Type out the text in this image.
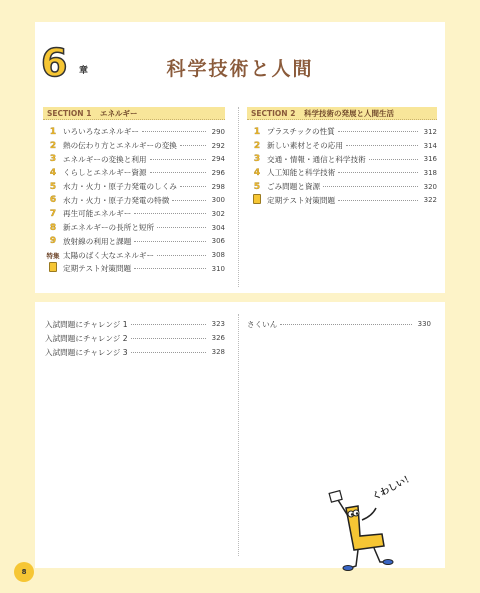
6 章	科学技術と人間
SECTION 1 エネルギー
1 いろいろなエネルギー	290
2 熱の伝わり方とエネルギーの変換	292
3 エネルギーの変換と利用	294
4 くらしとエネルギー資源	296
5 水力・火力・原子力発電のしくみ	298
6 水力・火力・原子力発電の特徴	300
7 再生可能エネルギー	302
8 新エネルギーの長所と短所	304
9 放射線の利用と課題	306
特集 太陽のばく大なエネルギー	308
定期テスト対策問題	310
SECTION 2 科学技術の発展と人間生活
1 プラスチックの性質	312
2 新しい素材とその応用	314
3 交通・情報・通信と科学技術	316
4 人工知能と科学技術	318
5 ごみ問題と資源	320
定期テスト対策問題	322
入試問題にチャレンジ 1	323
入試問題にチャレンジ 2	326
入試問題にチャレンジ 3	328
さくいん	330
くわしい！
8
